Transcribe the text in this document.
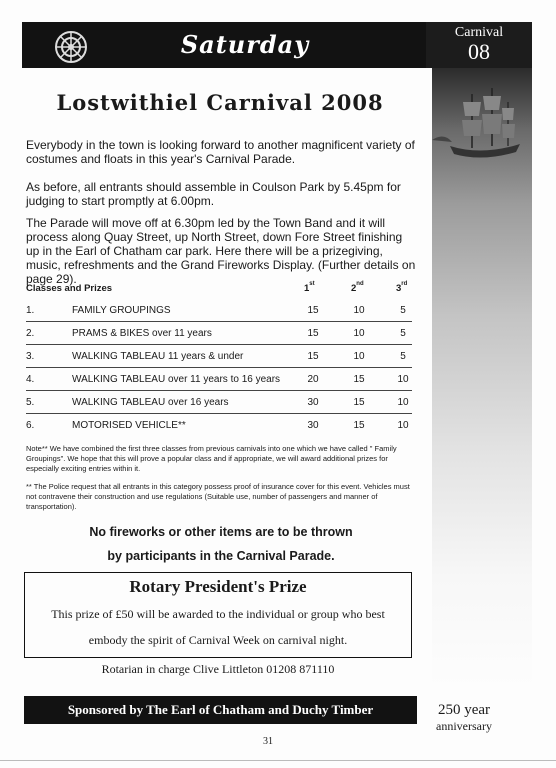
Saturday	Carnival
08
Lostwithiel Carnival 2008

Everybody in the town is looking forward to another magnificent variety of costumes and floats in this year's Carnival Parade.

As before, all entrants should assemble in Coulson Park by 5.45pm for judging to start promptly at 6.00pm.

The Parade will move off at 6.30pm led by the Town Band and it will process along Quay Street, up North Street, down Fore Street finishing up in the Earl of Chatham car park. Here there will be a prizegiving, music, refreshments and the Grand Fireworks Display. (Further details on page 29).

Classes and Prizes	1st	2nd	3rd
1.	FAMILY GROUPINGS	15	10	5
2.	PRAMS & BIKES over 11 years	15	10	5
3.	WALKING TABLEAU 11 years & under	15	10	5
4.	WALKING TABLEAU over 11 years to 16 years	20	15	10
5.	WALKING TABLEAU over 16 years	30	15	10
6.	MOTORISED VEHICLE**	30	15	10

Note** We have combined the first three classes from previous carnivals into one which we have called " Family Groupings". We hope that this will prove a popular class and if appropriate, we will award additional prizes for especially exciting entries within it.

** The Police request that all entrants in this category possess proof of insurance cover for this event. Vehicles must not contravene their construction and use regulations (Suitable use, number of passengers and manner of transportation).

No fireworks or other items are to be thrown
by participants in the Carnival Parade.
Rotary President's Prize
This prize of £50 will be awarded to the individual or group who best
embody the spirit of Carnival Week on carnival night.
Rotarian in charge Clive Littleton 01208 871110
Sponsored by The Earl of Chatham and Duchy Timber	250 year
anniversary
31
